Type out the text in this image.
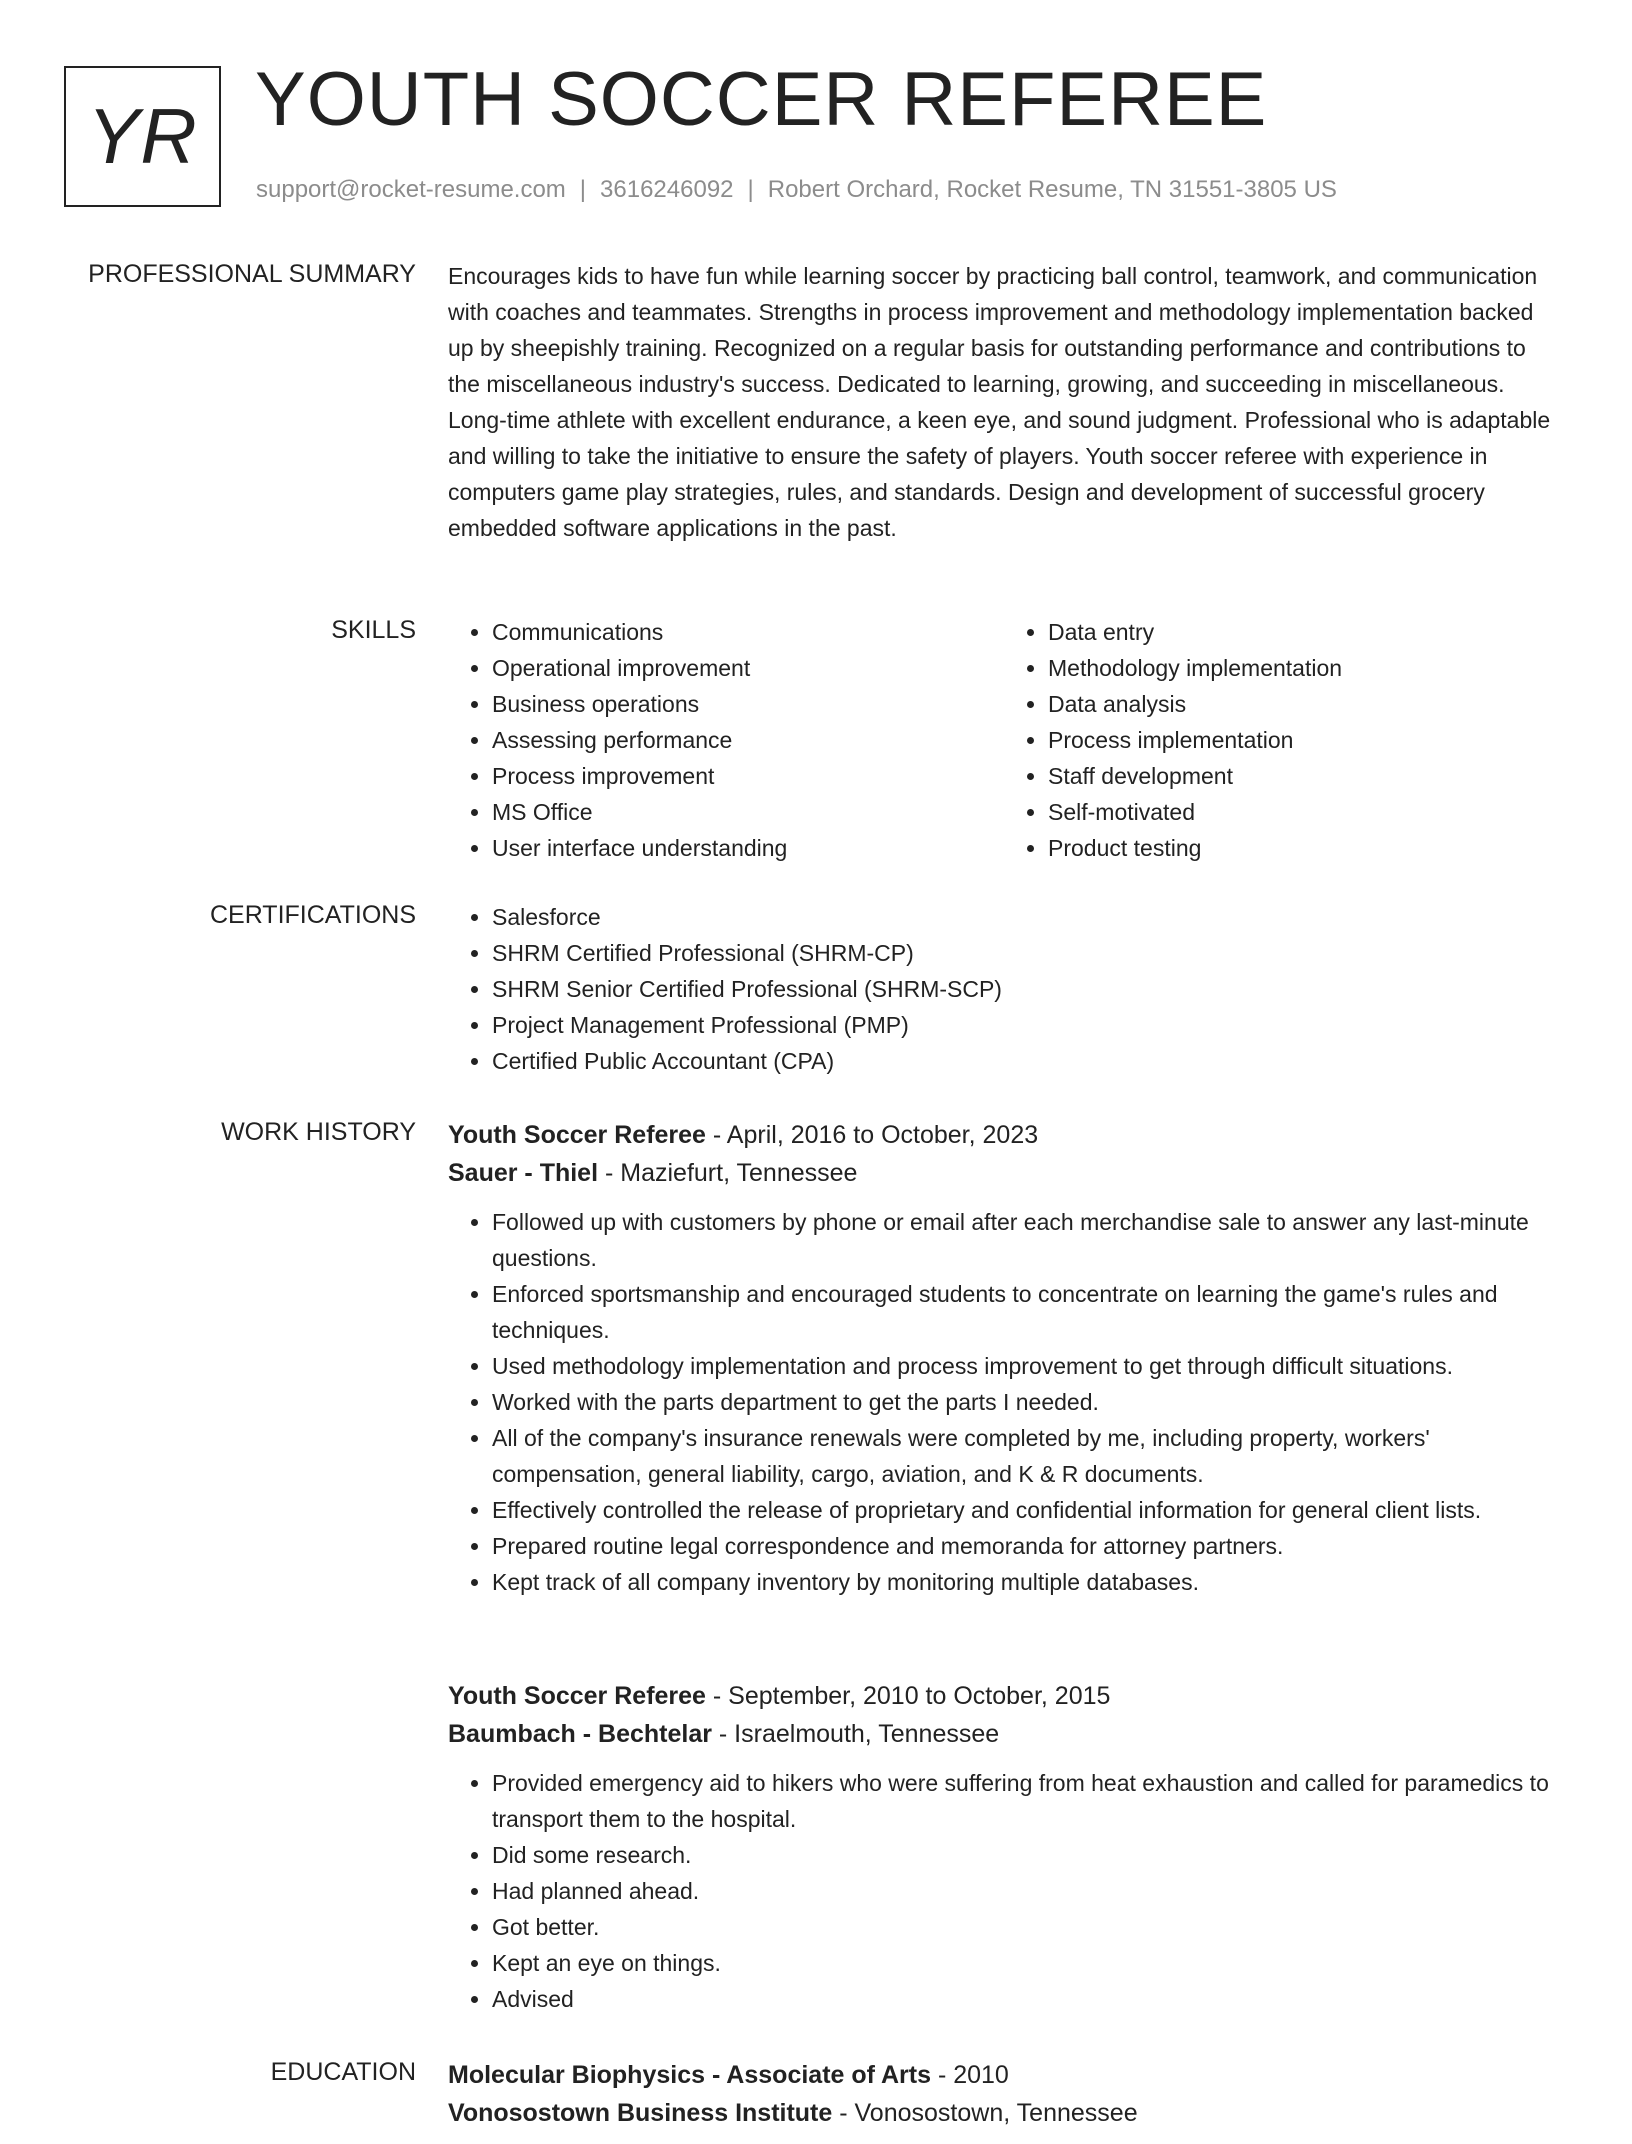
YR YOUTH SOCCER REFEREE
support@rocket-resume.com | 3616246092 | Robert Orchard, Rocket Resume, TN 31551-3805 US
PROFESSIONAL SUMMARY Encourages kids to have fun while learning soccer by practicing ball control, teamwork, and communication with coaches and teammates. Strengths in process improvement and methodology implementation backed up by sheepishly training. Recognized on a regular basis for outstanding performance and contributions to the miscellaneous industry's success. Dedicated to learning, growing, and succeeding in miscellaneous. Long-time athlete with excellent endurance, a keen eye, and sound judgment. Professional who is adaptable and willing to take the initiative to ensure the safety of players. Youth soccer referee with experience in computers game play strategies, rules, and standards. Design and development of successful grocery embedded software applications in the past.
SKILLS	• Communications
• Operational improvement
• Business operations
• Assessing performance
• Process improvement
• MS Office
• User interface understanding
• Data entry
• Methodology implementation
• Data analysis
• Process implementation
• Staff development
• Self-motivated
• Product testing
CERTIFICATIONS	• Salesforce
• SHRM Certified Professional (SHRM-CP)
• SHRM Senior Certified Professional (SHRM-SCP)
• Project Management Professional (PMP)
• Certified Public Accountant (CPA)
WORK HISTORY Youth Soccer Referee - April, 2016 to October, 2023
Sauer - Thiel - Maziefurt, Tennessee
• Followed up with customers by phone or email after each merchandise sale to answer any last-minute questions.
• Enforced sportsmanship and encouraged students to concentrate on learning the game's rules and techniques.
• Used methodology implementation and process improvement to get through difficult situations.
• Worked with the parts department to get the parts I needed.
• All of the company's insurance renewals were completed by me, including property, workers' compensation, general liability, cargo, aviation, and K & R documents.
• Effectively controlled the release of proprietary and confidential information for general client lists.
• Prepared routine legal correspondence and memoranda for attorney partners.
• Kept track of all company inventory by monitoring multiple databases.
Youth Soccer Referee - September, 2010 to October, 2015
Baumbach - Bechtelar - Israelmouth, Tennessee
• Provided emergency aid to hikers who were suffering from heat exhaustion and called for paramedics to transport them to the hospital.
• Did some research.
• Had planned ahead.
• Got better.
• Kept an eye on things.
• Advised
EDUCATION Molecular Biophysics - Associate of Arts - 2010
Vonosostown Business Institute - Vonosostown, Tennessee
